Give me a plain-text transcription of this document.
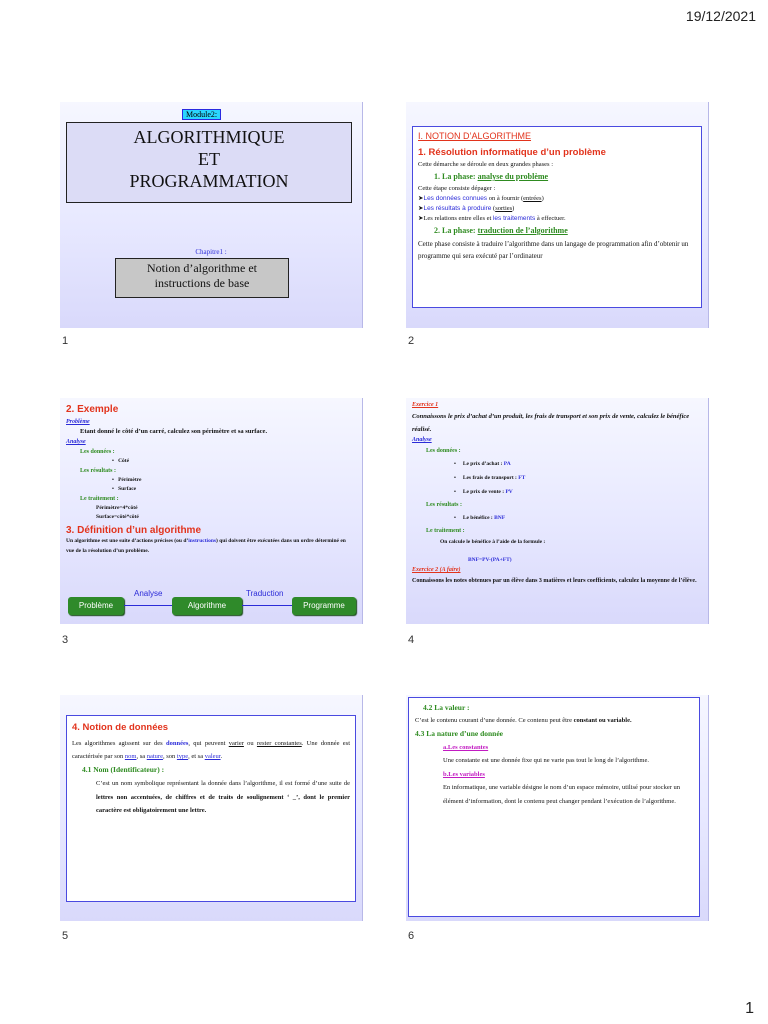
19/12/2021
Module2:
ALGORITHMIQUE
ET
PROGRAMMATION
Chapitre1 :
Notion d’algorithme et
instructions de base
1

I. NOTION D’ALGORITHME

1. Résolution informatique d’un problème

Cette démarche se déroule en deux grandes phases :

1. La phase: analyse du problème

Cette étape consiste dépager :

➤Les données connues on à fournir (entrées)

➤Les résultats à produire (sorties)

➤Les relations entre elles et les traitements à effectuer.

2. La phase: traduction de l’algorithme

Cette phase consiste à traduire l’algorithme dans un langage de programmation afin d’obtenir un programme qui sera exécuté par l’ordinateur

2

2. Exemple

Problème

Etant donné le côté d’un carré, calculez son périmètre et sa surface.

Analyse

Les données :

•   Côté

Les résultats :

•   Périmètre

•   Surface

Le traitement :

Périmètre=4*côté

Surface=côté*côté

3. Définition d’un algorithme

Un algorithme est une suite d’actions précises (ou d’instructions) qui doivent être exécutées dans un ordre déterminé en vue de la résolution d’un problème.

Problème
Analyse
Algorithme
Traduction
Programme
3

Exercice 1

Connaissons le prix d’achat d’un produit, les frais de transport et son prix de vente, calculez le bénéfice réalisé.

Analyse

Les données :

•     Le prix d’achat : PA

•     Les frais de transport : FT

•     Le prix de vente : PV

Les résultats :

•     Le bénéfice : BNF

Le traitement :

On calcule le bénéfice à l’aide de la formule :

BNF=PV-(PA+FT)

Exercice 2 (A faire)

Connaissons les notes obtenues par un élève dans 3 matières et leurs coefficients, calculez la moyenne de l’élève.

4

4. Notion de données

Les algorithmes agissent sur des données, qui peuvent varier ou rester constantes. Une donnée est caractérisée par son nom, sa nature, son type, et sa valeur.

4.1 Nom (Identificateur) :

C’est un nom symbolique représentant la donnée dans l’algorithme, il est formé d’une suite de lettres non accentuées, de chiffres et de traits de soulignement ‘ _’, dont le premier caractère est obligatoirement une lettre.

5

4.2 La valeur :

C’est le contenu courant d’une donnée. Ce contenu peut être constant ou variable.

4.3 La nature d’une donnée

a.Les constantes

Une constante est une donnée fixe qui ne varie pas tout le long de l’algorithme.

b.Les variables

En informatique, une variable désigne le nom d’un espace mémoire, utilisé pour stocker un élément d’information, dont le contenu peut changer pendant l’exécution de l’algorithme.

6
1
